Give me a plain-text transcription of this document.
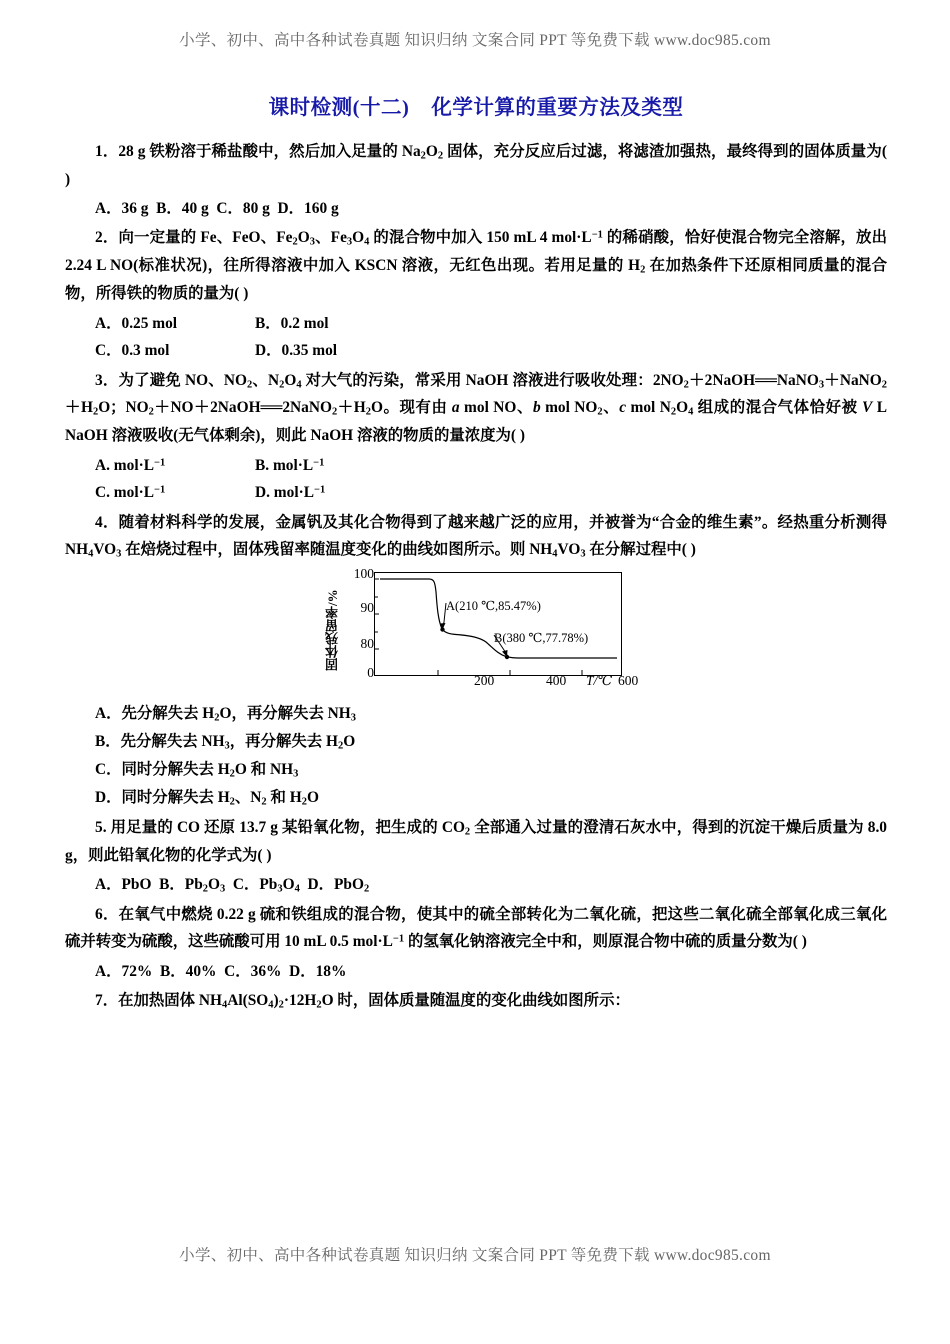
小学、初中、高中各种试卷真题 知识归纳 文案合同 PPT 等免费下载 www.doc985.com
课时检测(十二) 化学计算的重要方法及类型

1．28 g 铁粉溶于稀盐酸中，然后加入足量的 $Na_2O_2$ 固体，充分反应后过滤，将滤渣加强热，最终得到的固体质量为( )

A．36 g  B．40 g  C．80 g  D．160 g

2．向一定量的 Fe、FeO、$Fe_2O_3$、$Fe_3O_4$ 的混合物中加入 150 mL 4 $mol\cdot L^{-1}$ 的稀硝酸，恰好使混合物完全溶解，放出 2.24 L NO(标准状况)，往所得溶液中加入 KSCN 溶液，无红色出现。若用足量的 $H_2$ 在加热条件下还原相同质量的混合物，所得铁的物质的量为( )

A．0.25 mol	B．0.2 mol
C．0.3 mol	D．0.35 mol

3．为了避免 NO、$NO_2$、$N_2O_4$ 对大气的污染，常采用 NaOH 溶液进行吸收处理：$2NO_2+2NaOH══NaNO_3+NaNO_2+H_2O$；$NO_2+NO+2NaOH══2NaNO_2+H_2O$。现有由 a mol NO、b mol $NO_2$、c mol $N_2O_4$ 组成的混合气体恰好被 V L NaOH 溶液吸收(无气体剩余)，则此 NaOH 溶液的物质的量浓度为( )

A. $mol\cdot L^{-1}$	B. $mol\cdot L^{-1}$
C. $mol\cdot L^{-1}$	D. $mol\cdot L^{-1}$

4．随着材料科学的发展，金属钒及其化合物得到了越来越广泛的应用，并被誉为“合金的维生素”。经热重分析测得 $NH_4VO_3$ 在焙烧过程中，固体残留率随温度变化的曲线如图所示。则 $NH_4VO_3$ 在分解过程中( )

固体残留率/%
100
90
80
0
A(210 ℃,85.47%)
B(380 ℃,77.78%)
200	400	600
T/℃
A．先分解失去 $H_2O$，再分解失去 $NH_3$
B．先分解失去 $NH_3$，再分解失去 $H_2O$
C．同时分解失去 $H_2O$ 和 $NH_3$
D．同时分解失去 $H_2$、$N_2$ 和 $H_2O$

5. 用足量的 CO 还原 13.7 g 某铅氧化物，把生成的 $CO_2$ 全部通入过量的澄清石灰水中，得到的沉淀干燥后质量为 8.0 g，则此铅氧化物的化学式为( )

A．PbO  B．$Pb_2O_3$  C．$Pb_3O_4$  D．PbO$_2$

6．在氧气中燃烧 0.22 g 硫和铁组成的混合物，使其中的硫全部转化为二氧化硫，把这些二氧化硫全部氧化成三氧化硫并转变为硫酸，这些硫酸可用 10 mL 0.5 $mol\cdot L^{-1}$ 的氢氧化钠溶液完全中和，则原混合物中硫的质量分数为( )

A．72%  B．40%  C．36%  D．18%

7．在加热固体 $NH_4Al(SO_4)_2\cdot 12H_2O$ 时，固体质量随温度的变化曲线如图所示：

小学、初中、高中各种试卷真题 知识归纳 文案合同 PPT 等免费下载 www.doc985.com
